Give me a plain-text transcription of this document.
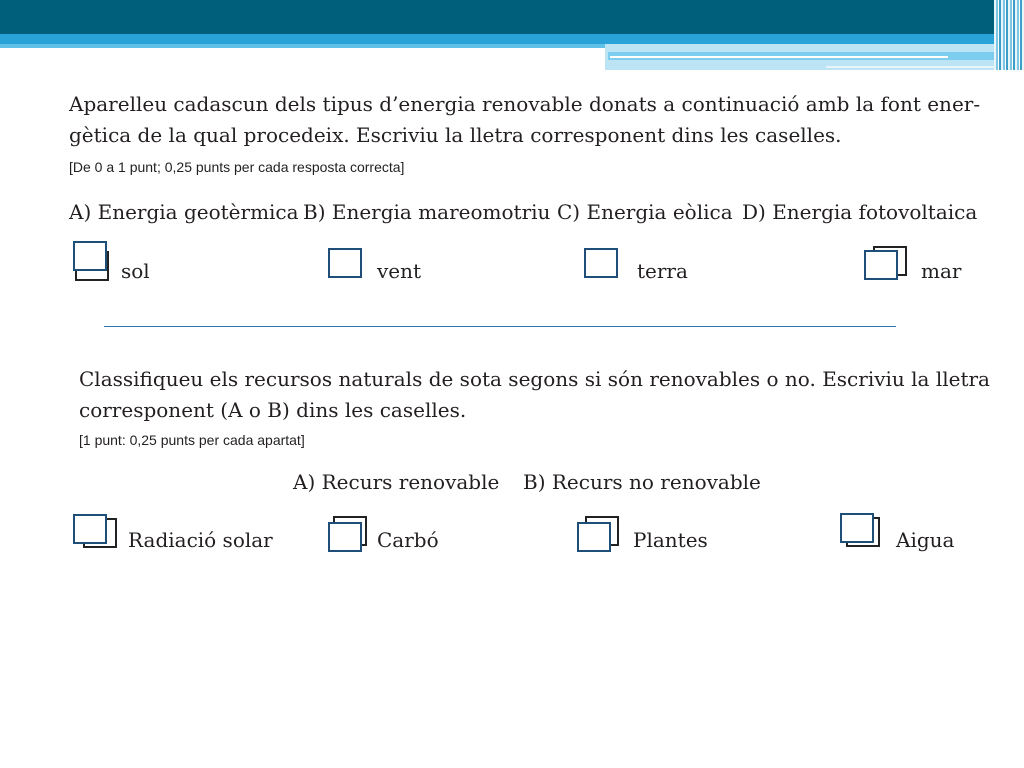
Aparelleu cadascun dels tipus d’energia renovable donats a continuació amb la font ener-
gètica de la qual procedeix. Escriviu la lletra corresponent dins les caselles.
[De 0 a 1 punt; 0,25 punts per cada resposta correcta]
A) Energia geotèrmica B) Energia mareomotriu C) Energia eòlica D) Energia fotovoltaica
sol	vent	terra	mar
Classifiqueu els recursos naturals de sota segons si són renovables o no. Escriviu la lletra
corresponent (A o B) dins les caselles.
[1 punt: 0,25 punts per cada apartat]
A) Recurs renovable B) Recurs no renovable
Radiació solar	Carbó	Plantes	Aigua
